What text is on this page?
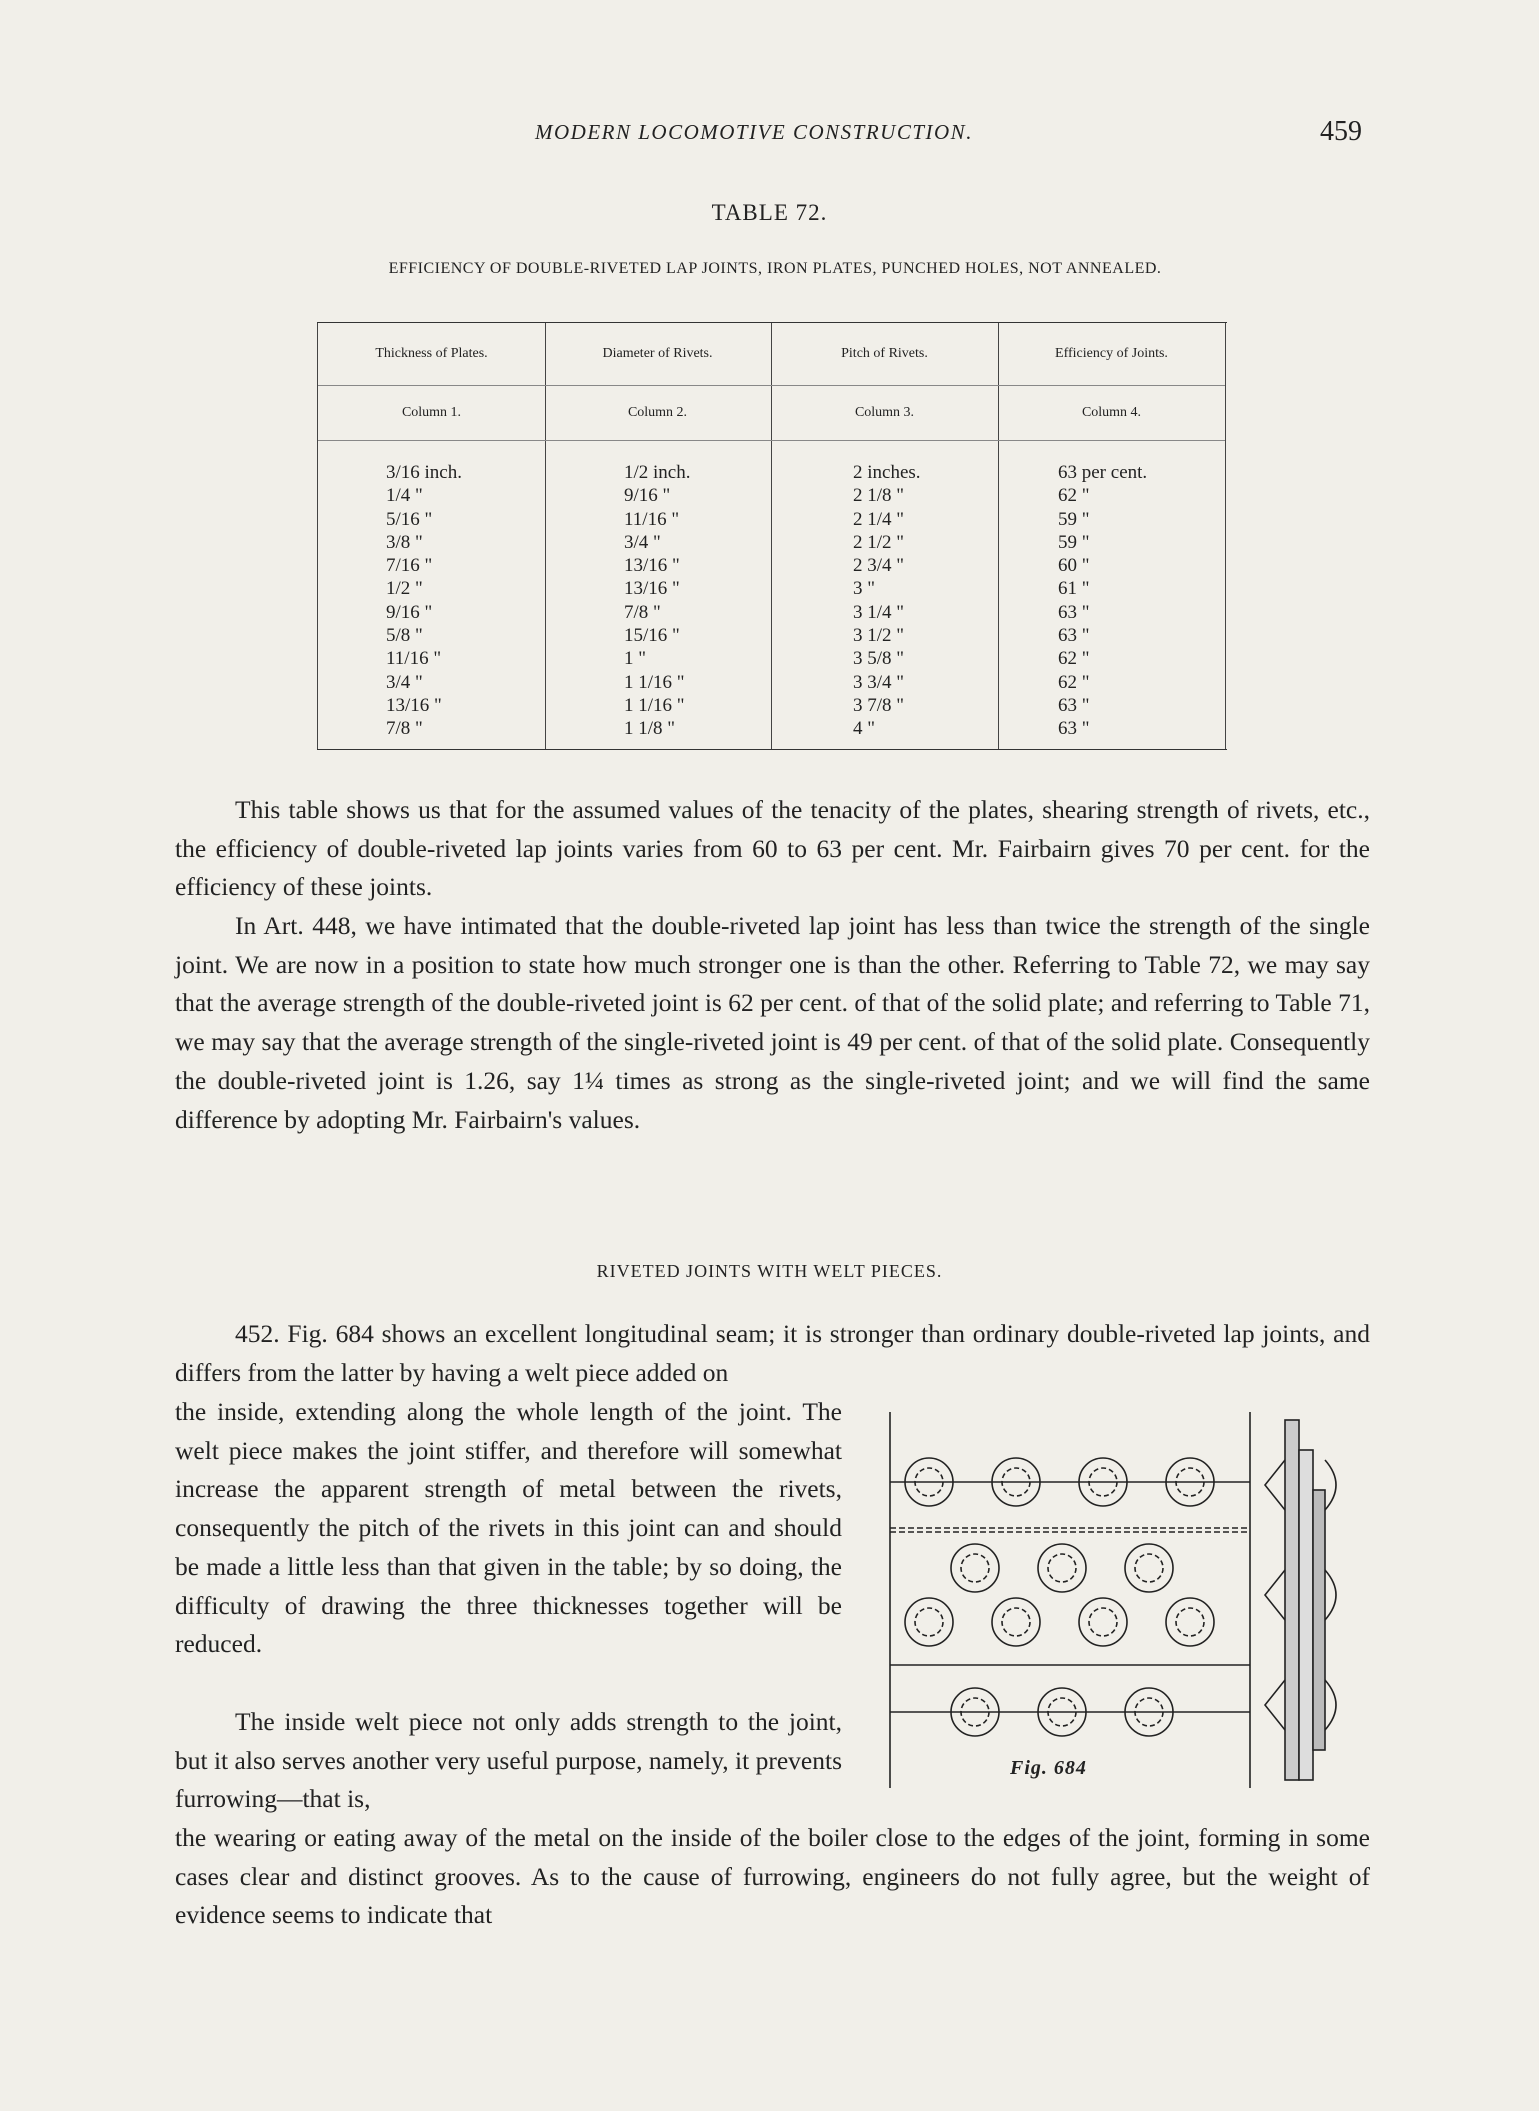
MODERN LOCOMOTIVE CONSTRUCTION.	459
TABLE 72.
EFFICIENCY OF DOUBLE-RIVETED LAP JOINTS, IRON PLATES, PUNCHED HOLES, NOT ANNEALED.
Thickness of Plates.
Column 1.
3/16 inch.
1/4 "
5/16 "
3/8 "
7/16 "
1/2 "
9/16 "
5/8 "
11/16 "
3/4 "
13/16 "
7/8 "
Diameter of Rivets.
Column 2.
1/2 inch.
9/16 "
11/16 "
3/4 "
13/16 "
13/16 "
7/8 "
15/16 "
1 "
1 1/16 "
1 1/16 "
1 1/8 "
Pitch of Rivets.
Column 3.
2 inches.
2 1/8 "
2 1/4 "
2 1/2 "
2 3/4 "
3 "
3 1/4 "
3 1/2 "
3 5/8 "
3 3/4 "
3 7/8 "
4 "
Efficiency of Joints.
Column 4.
63 per cent.
62 "
59 "
59 "
60 "
61 "
63 "
63 "
62 "
62 "
63 "
63 "
This table shows us that for the assumed values of the tenacity of the plates, shearing strength of rivets, etc., the efficiency of double-riveted lap joints varies from 60 to 63 per cent. Mr. Fairbairn gives 70 per cent. for the efficiency of these joints.
In Art. 448, we have intimated that the double-riveted lap joint has less than twice the strength of the single joint. We are now in a position to state how much stronger one is than the other. Referring to Table 72, we may say that the average strength of the double-riveted joint is 62 per cent. of that of the solid plate; and referring to Table 71, we may say that the average strength of the single-riveted joint is 49 per cent. of that of the solid plate. Consequently the double-riveted joint is 1.26, say 1¼ times as strong as the single-riveted joint; and we will find the same difference by adopting Mr. Fairbairn's values.
RIVETED JOINTS WITH WELT PIECES.
452. Fig. 684 shows an excellent longitudinal seam; it is stronger than ordinary double-riveted lap joints, and differs from the latter by having a welt piece added on
the inside, extending along the whole length of the joint. The welt piece makes the joint stiffer, and therefore will somewhat increase the apparent strength of metal between the rivets, consequently the pitch of the rivets in this joint can and should be made a little less than that given in the table; by so doing, the difficulty of drawing the three thicknesses together will be reduced.
The inside welt piece not only adds strength to the joint, but it also serves another very useful purpose, namely, it prevents furrowing—that is,
the wearing or eating away of the metal on the inside of the boiler close to the edges of the joint, forming in some cases clear and distinct grooves. As to the cause of furrowing, engineers do not fully agree, but the weight of evidence seems to indicate that
Fig. 684
